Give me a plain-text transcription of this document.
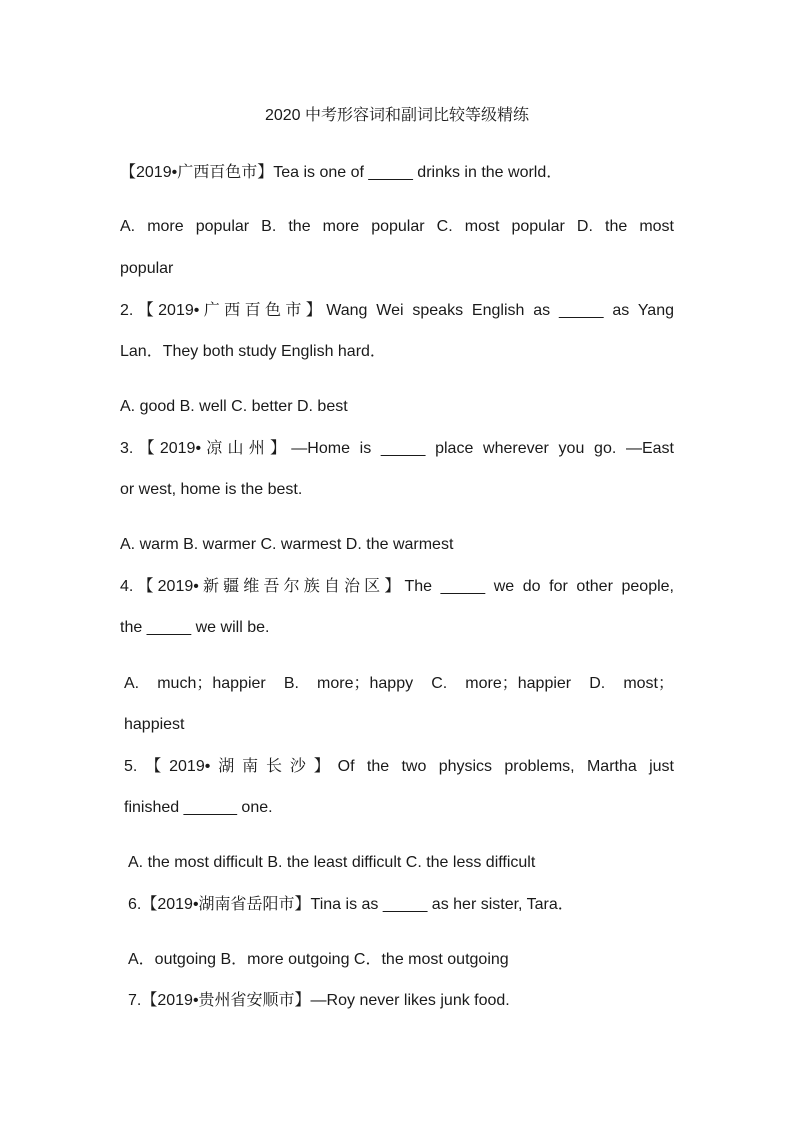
2020 中考形容词和副词比较等级精练
【2019•广西百色市】Tea is one of _____ drinks in the world．
A. more popular B. the more popular C. most popular D. the most
popular
2.【2019•广西百色市】Wang Wei speaks English as _____ as Yang
Lan．They both study English hard．
A. good B. well C. better D. best
3.【2019•凉山州】—Home is _____ place wherever you go. —East
or west, home is the best.
A. warm B. warmer C. warmest D. the warmest
4.【2019•新疆维吾尔族自治区】The _____ we do for other people,
the _____ we will be.
A. much；happier B. more；happy C. more；happier D. most；
happiest
5.【2019•湖南长沙】Of the two physics problems, Martha just
finished ______ one.
A. the most difficult B. the least difficult C. the less difficult
6.【2019•湖南省岳阳市】Tina is as _____ as her sister, Tara．
A．outgoing B．more outgoing C．the most outgoing
7.【2019•贵州省安顺市】—Roy never likes junk food.
